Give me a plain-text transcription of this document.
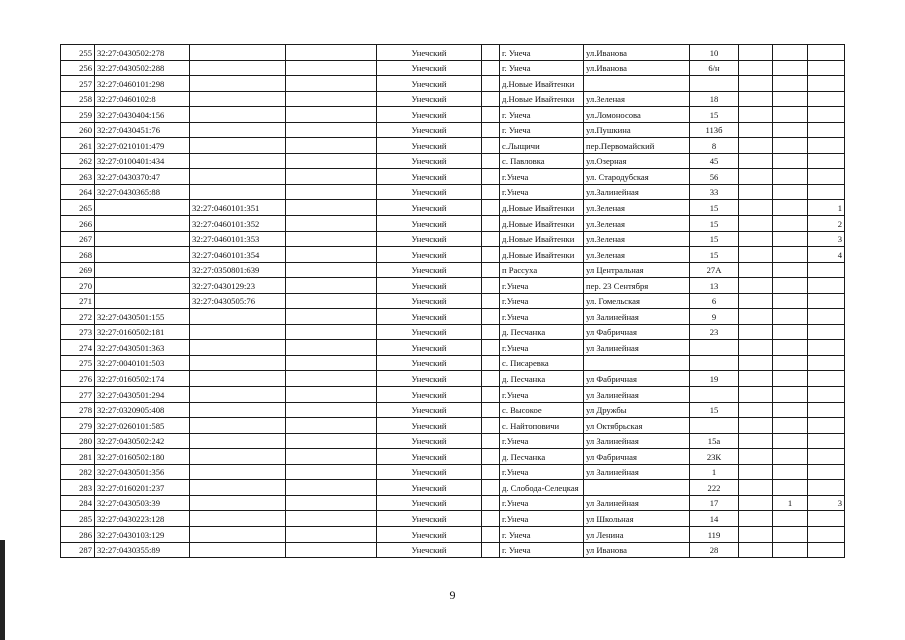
255	32:27:0430502:278			Унечский		г. Унеча	ул.Иванова	10			
256	32:27:0430502:288			Унечский		г. Унеча	ул.Иванова	6/н			
257	32:27:0460101:298			Унечский		д.Новые Ивайтенки					
258	32:27:0460102:8			Унечский		д.Новые Ивайтенки	ул.Зеленая	18			
259	32:27:0430404:156			Унечский		г. Унеча	ул.Ломоносова	15			
260	32:27:0430451:76			Унечский		г. Унеча	ул.Пушкина	113б			
261	32:27:0210101:479			Унечский		с.Лыщичи	пер.Первомайский	8			
262	32:27:0100401:434			Унечский		с. Павловка	ул.Озерная	45			
263	32:27:0430370:47			Унечский		г.Унеча	ул. Стародубская	56			
264	32:27:0430365:88			Унечский		г.Унеча	ул.Залинейная	33			
265		32:27:0460101:351		Унечский		д.Новые Ивайтенки	ул.Зеленая	15			1
266		32:27:0460101:352		Унечский		д.Новые Ивайтенки	ул.Зеленая	15			2
267		32:27:0460101:353		Унечский		д.Новые Ивайтенки	ул.Зеленая	15			3
268		32:27:0460101:354		Унечский		д.Новые Ивайтенки	ул.Зеленая	15			4
269		32:27:0350801:639		Унечский		п Рассуха	ул Центральная	27А			
270		32:27:0430129:23		Унечский		г.Унеча	пер. 23 Сентября	13			
271		32:27:0430505:76		Унечский		г.Унеча	ул. Гомельская	6			
272	32:27:0430501:155			Унечский		г.Унеча	ул Залинейная	9			
273	32:27:0160502:181			Унечский		д. Песчанка	ул Фабричная	23			
274	32:27:0430501:363			Унечский		г.Унеча	ул Залинейная				
275	32:27:0040101:503			Унечский		с. Писаревка					
276	32:27:0160502:174			Унечский		д. Песчанка	ул Фабричная	19			
277	32:27:0430501:294			Унечский		г.Унеча	ул Залинейная				
278	32:27:0320905:408			Унечский		с. Высокое	ул Дружбы	15			
279	32:27:0260101:585			Унечский		с. Найтоповичи	ул Октябрьская				
280	32:27:0430502:242			Унечский		г.Унеча	ул Залинейная	15а			
281	32:27:0160502:180			Унечский		д. Песчанка	ул Фабричная	23К			
282	32:27:0430501:356			Унечский		г.Унеча	ул Залинейная	1			
283	32:27:0160201:237			Унечский		д. Слобода-Селецкая		222			
284	32:27:0430503:39			Унечский		г.Унеча	ул Залинейная	17		1	3
285	32:27:0430223:128			Унечский		г.Унеча	ул Школьная	14			
286	32:27:0430103:129			Унечский		г. Унеча	ул Ленина	119			
287	32:27:0430355:89			Унечский		г. Унеча	ул Иванова	28			
9
